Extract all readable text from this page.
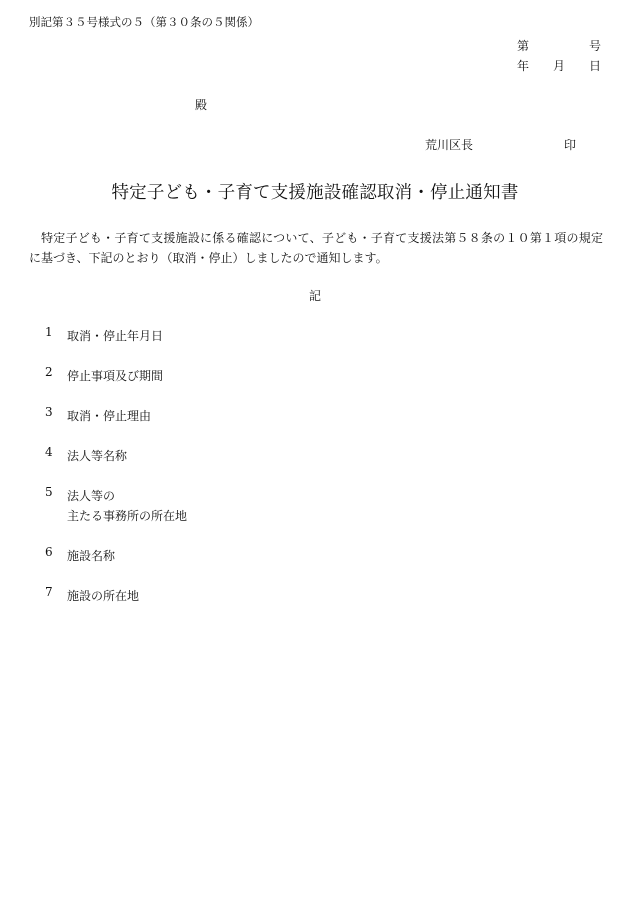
別記第３５号様式の５（第３０条の５関係）
第	号
年 月 日
殿
荒川区長	印
特定子ども・子育て支援施設確認取消・停止通知書
特定子ども・子育て支援施設に係る確認について、子ども・子育て支援法第５８条の１０第１項の規定に基づき、下記のとおり（取消・停止）しましたので通知します。
記
1	取消・停止年月日
2	停止事項及び期間
3	取消・停止理由
4	法人等名称
5	法人等の
主たる事務所の所在地
6	施設名称
7	施設の所在地
